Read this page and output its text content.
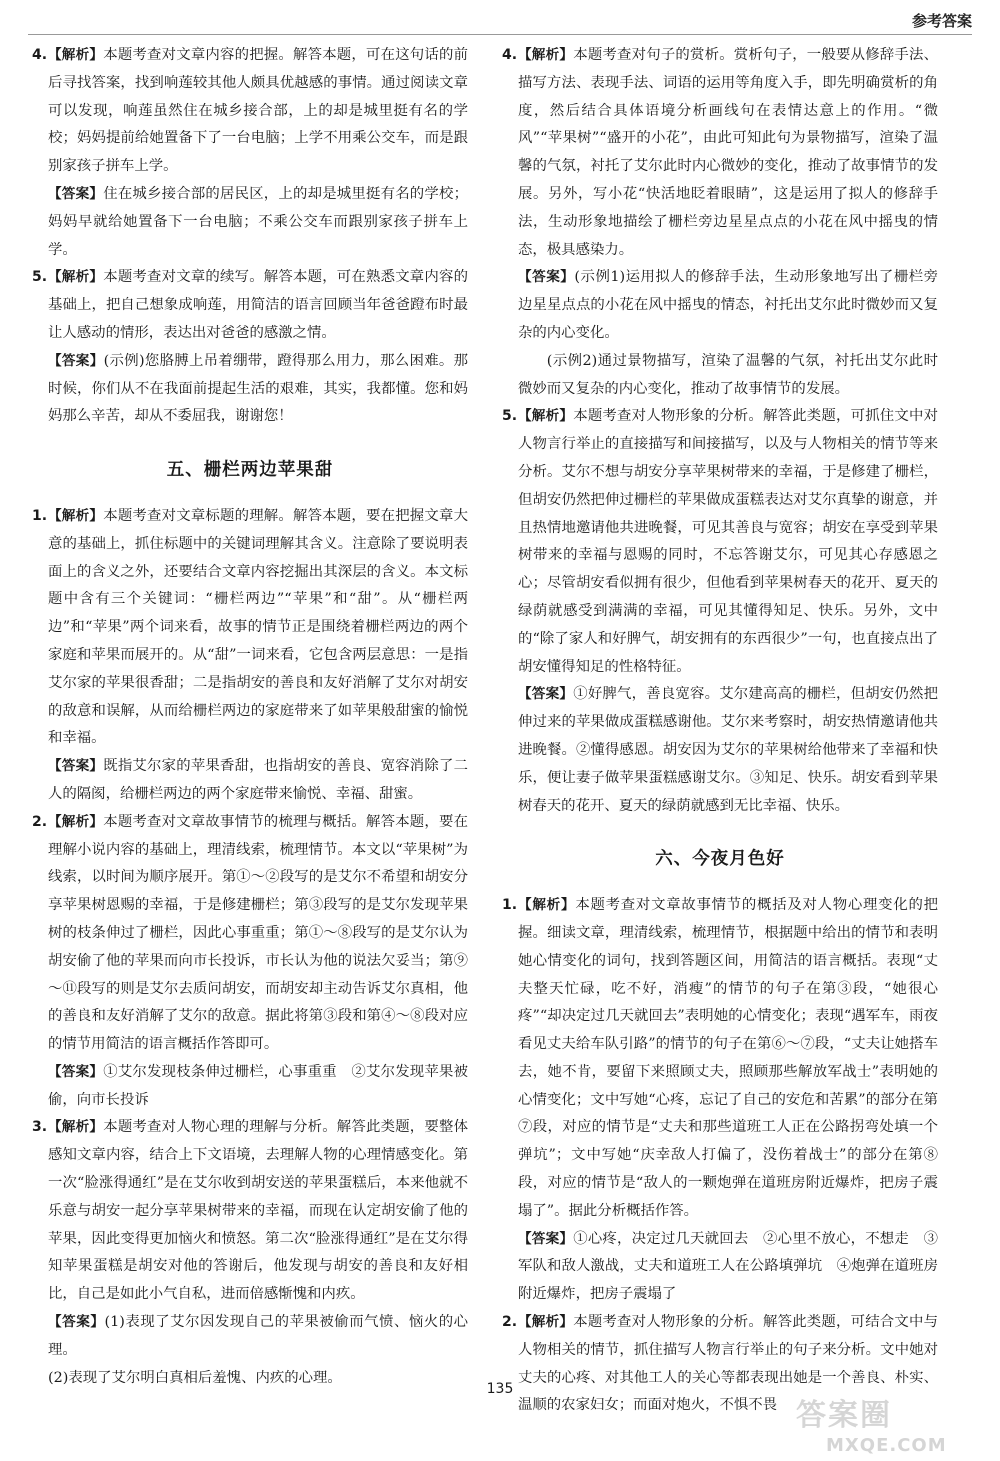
参考答案
4. 【解析】本题考查对文章内容的把握。解答本题，可在这句话的前后寻找答案，找到响莲较其他人颇具优越感的事情。通过阅读文章可以发现，响莲虽然住在城乡接合部，上的却是城里挺有名的学校；妈妈提前给她置备下了一台电脑；上学不用乘公交车，而是跟别家孩子拼车上学。
【答案】住在城乡接合部的居民区，上的却是城里挺有名的学校；妈妈早就给她置备下一台电脑；不乘公交车而跟别家孩子拼车上学。
5. 【解析】本题考查对文章的续写。解答本题，可在熟悉文章内容的基础上，把自己想象成响莲，用简洁的语言回顾当年爸爸蹬布时最让人感动的情形，表达出对爸爸的感激之情。
【答案】(示例)您胳膊上吊着绷带，蹬得那么用力，那么困难。那时候，你们从不在我面前提起生活的艰难，其实，我都懂。您和妈妈那么辛苦，却从不委屈我，谢谢您！
五、栅栏两边苹果甜
1. 【解析】本题考查对文章标题的理解。解答本题，要在把握文章大意的基础上，抓住标题中的关键词理解其含义。注意除了要说明表面上的含义之外，还要结合文章内容挖掘出其深层的含义。本文标题中含有三个关键词：“栅栏两边”“苹果”和“甜”。从“栅栏两边”和“苹果”两个词来看，故事的情节正是围绕着栅栏两边的两个家庭和苹果而展开的。从“甜”一词来看，它包含两层意思：一是指艾尔家的苹果很香甜；二是指胡安的善良和友好消解了艾尔对胡安的敌意和误解，从而给栅栏两边的家庭带来了如苹果般甜蜜的愉悦和幸福。
【答案】既指艾尔家的苹果香甜，也指胡安的善良、宽容消除了二人的隔阂，给栅栏两边的两个家庭带来愉悦、幸福、甜蜜。
2. 【解析】本题考查对文章故事情节的梳理与概括。解答本题，要在理解小说内容的基础上，理清线索，梳理情节。本文以“苹果树”为线索，以时间为顺序展开。第①～②段写的是艾尔不希望和胡安分享苹果树恩赐的幸福，于是修建栅栏；第③段写的是艾尔发现苹果树的枝条伸过了栅栏，因此心事重重；第①～⑧段写的是艾尔认为胡安偷了他的苹果而向市长投诉，市长认为他的说法欠妥当；第⑨～⑪段写的则是艾尔去质问胡安，而胡安却主动告诉艾尔真相，他的善良和友好消解了艾尔的敌意。据此将第③段和第④～⑧段对应的情节用简洁的语言概括作答即可。
【答案】①艾尔发现枝条伸过栅栏，心事重重　②艾尔发现苹果被偷，向市长投诉
3. 【解析】本题考查对人物心理的理解与分析。解答此类题，要整体感知文章内容，结合上下文语境，去理解人物的心理情感变化。第一次“脸涨得通红”是在艾尔收到胡安送的苹果蛋糕后，本来他就不乐意与胡安一起分享苹果树带来的幸福，而现在认定胡安偷了他的苹果，因此变得更加恼火和愤怒。第二次“脸涨得通红”是在艾尔得知苹果蛋糕是胡安对他的答谢后，他发现与胡安的善良和友好相比，自己是如此小气自私，进而倍感惭愧和内疚。
【答案】(1)表现了艾尔因发现自己的苹果被偷而气愤、恼火的心理。
(2)表现了艾尔明白真相后羞愧、内疚的心理。
4. 【解析】本题考查对句子的赏析。赏析句子，一般要从修辞手法、描写方法、表现手法、词语的运用等角度入手，即先明确赏析的角度，然后结合具体语境分析画线句在表情达意上的作用。“微风”“苹果树”“盛开的小花”，由此可知此句为景物描写，渲染了温馨的气氛，衬托了艾尔此时内心微妙的变化，推动了故事情节的发展。另外，写小花“快活地眨着眼睛”，这是运用了拟人的修辞手法，生动形象地描绘了栅栏旁边星星点点的小花在风中摇曳的情态，极具感染力。
【答案】(示例1)运用拟人的修辞手法，生动形象地写出了栅栏旁边星星点点的小花在风中摇曳的情态，衬托出艾尔此时微妙而又复杂的内心变化。
(示例2)通过景物描写，渲染了温馨的气氛，衬托出艾尔此时微妙而又复杂的内心变化，推动了故事情节的发展。
5. 【解析】本题考查对人物形象的分析。解答此类题，可抓住文中对人物言行举止的直接描写和间接描写，以及与人物相关的情节等来分析。艾尔不想与胡安分享苹果树带来的幸福，于是修建了栅栏，但胡安仍然把伸过栅栏的苹果做成蛋糕表达对艾尔真挚的谢意，并且热情地邀请他共进晚餐，可见其善良与宽容；胡安在享受到苹果树带来的幸福与恩赐的同时，不忘答谢艾尔，可见其心存感恩之心；尽管胡安看似拥有很少，但他看到苹果树春天的花开、夏天的绿荫就感受到满满的幸福，可见其懂得知足、快乐。另外，文中的“除了家人和好脾气，胡安拥有的东西很少”一句，也直接点出了胡安懂得知足的性格特征。
【答案】①好脾气，善良宽容。艾尔建高高的栅栏，但胡安仍然把伸过来的苹果做成蛋糕感谢他。艾尔来考察时，胡安热情邀请他共进晚餐。②懂得感恩。胡安因为艾尔的苹果树给他带来了幸福和快乐，便让妻子做苹果蛋糕感谢艾尔。③知足、快乐。胡安看到苹果树春天的花开、夏天的绿荫就感到无比幸福、快乐。
六、今夜月色好
1. 【解析】本题考查对文章故事情节的概括及对人物心理变化的把握。细读文章，理清线索，梳理情节，根据题中给出的情节和表明她心情变化的词句，找到答题区间，用简洁的语言概括。表现“丈夫整天忙碌，吃不好，消瘦”的情节的句子在第③段，“她很心疼”“却决定过几天就回去”表明她的心情变化；表现“遇军车，雨夜看见丈夫给车队引路”的情节的句子在第⑥～⑦段，“丈夫让她搭车去，她不肯，要留下来照顾丈夫，照顾那些解放军战士”表明她的心情变化；文中写她“心疼，忘记了自己的安危和苦累”的部分在第⑦段，对应的情节是“丈夫和那些道班工人正在公路拐弯处填一个弹坑”；文中写她“庆幸敌人打偏了，没伤着战士”的部分在第⑧段，对应的情节是“敌人的一颗炮弹在道班房附近爆炸，把房子震塌了”。据此分析概括作答。
【答案】①心疼，决定过几天就回去　②心里不放心，不想走　③军队和敌人激战，丈夫和道班工人在公路填弹坑　④炮弹在道班房附近爆炸，把房子震塌了
2. 【解析】本题考查对人物形象的分析。解答此类题，可结合文中与人物相关的情节，抓住描写人物言行举止的句子来分析。文中她对丈夫的心疼、对其他工人的关心等都表现出她是一个善良、朴实、温顺的农家妇女；而面对炮火，不惧不畏
135
答案圈
MXQE.COM
